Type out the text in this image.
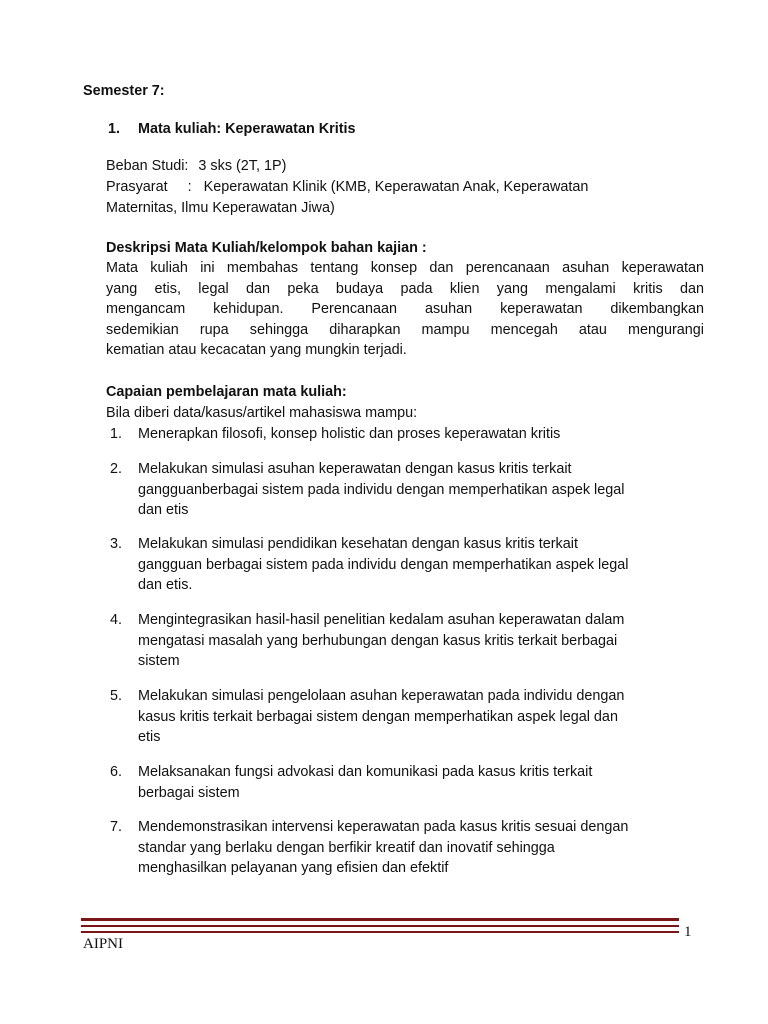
Semester 7:

1. Mata kuliah: Keperawatan Kritis

Beban Studi: 3 sks (2T, 1P)

Prasyarat : Keperawatan Klinik (KMB, Keperawatan Anak, Keperawatan

Maternitas, Ilmu Keperawatan Jiwa)

Deskripsi Mata Kuliah/kelompok bahan kajian :

Mata kuliah ini membahas tentang konsep dan perencanaan asuhan keperawatan

yang etis, legal dan peka budaya pada klien yang mengalami kritis dan

mengancam kehidupan. Perencanaan asuhan keperawatan dikembangkan

sedemikian rupa sehingga diharapkan mampu mencegah atau mengurangi

kematian atau kecacatan yang mungkin terjadi.

Capaian pembelajaran mata kuliah:

Bila diberi data/kasus/artikel mahasiswa mampu:

1. Menerapkan filosofi, konsep holistic dan proses keperawatan kritis
2. Melakukan simulasi asuhan keperawatan dengan kasus kritis terkait
gangguanberbagai sistem pada individu dengan memperhatikan aspek legal
dan etis
3. Melakukan simulasi pendidikan kesehatan dengan kasus kritis terkait
gangguan berbagai sistem pada individu dengan memperhatikan aspek legal
dan etis.
4. Mengintegrasikan hasil-hasil penelitian kedalam asuhan keperawatan dalam
mengatasi masalah yang berhubungan dengan kasus kritis terkait berbagai
sistem
5. Melakukan simulasi pengelolaan asuhan keperawatan pada individu dengan
kasus kritis terkait berbagai sistem dengan memperhatikan aspek legal dan
etis
6. Melaksanakan fungsi advokasi dan komunikasi pada kasus kritis terkait
berbagai sistem
7. Mendemonstrasikan intervensi keperawatan pada kasus kritis sesuai dengan
standar yang berlaku dengan berfikir kreatif dan inovatif sehingga
menghasilkan pelayanan yang efisien dan efektif
1
AIPNI
